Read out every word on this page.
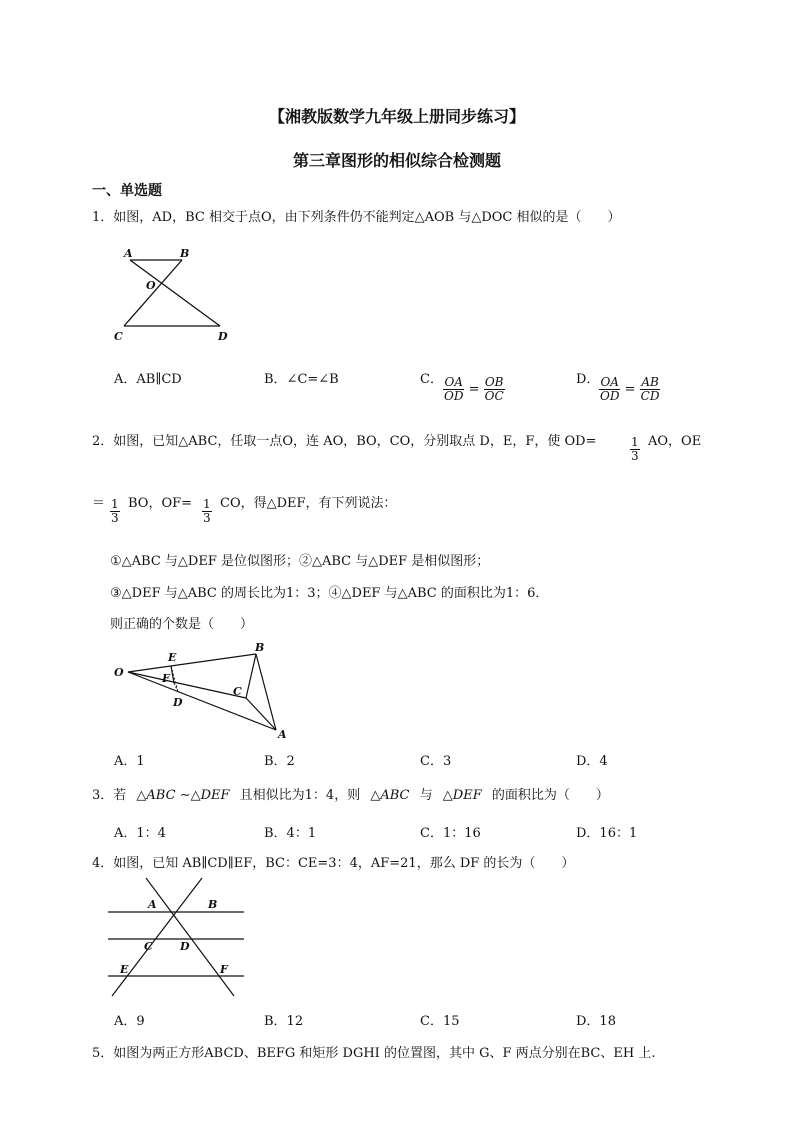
【湘教版数学九年级上册同步练习】
第三章图形的相似综合检测题
一、单选题
1．如图，AD，BC 相交于点O，由下列条件仍不能判定△AOB 与△DOC 相似的是（　　）
A	B
O
C	D
A．AB∥CD	B．∠C=∠B	C． $\frac{OA}{OD} = \frac{OB}{OC}$	D． $\frac{OA}{OD} = \frac{AB}{CD}$
2．如图，已知△ABC，任取一点O，连 AO，BO，CO，分别取点 D，E，F，使 OD=	$\frac{1}{3}$ AO，OE
＝ $\frac{1}{3}$ BO，$OF= \frac{1}{3}$ CO，得△DEF，有下列说法：
①△ABC 与△DEF 是位似图形；②△ABC 与△DEF 是相似图形；
③△DEF 与△ABC 的周长比为1：3；④△DEF 与△ABC 的面积比为1：6．
则正确的个数是（　　）
O
E
B
F
C
D
A
A．1	B．2	C．3	D．4
3．若 △ABC ∼△DEF 且相似比为1：4，则 △ABC 与 △DEF 的面积比为（　　）
A．1：4	B．4：1	C．1：16	D．16：1
4．如图，已知 AB∥CD∥EF，BC：CE=3：4，AF=21，那么 DF 的长为（　　）
A	B
C D
E	F
A．9	B．12	C．15	D．18
5．如图为两正方形ABCD、BEFG 和矩形 DGHI 的位置图，其中 G、F 两点分别在BC、EH 上.
